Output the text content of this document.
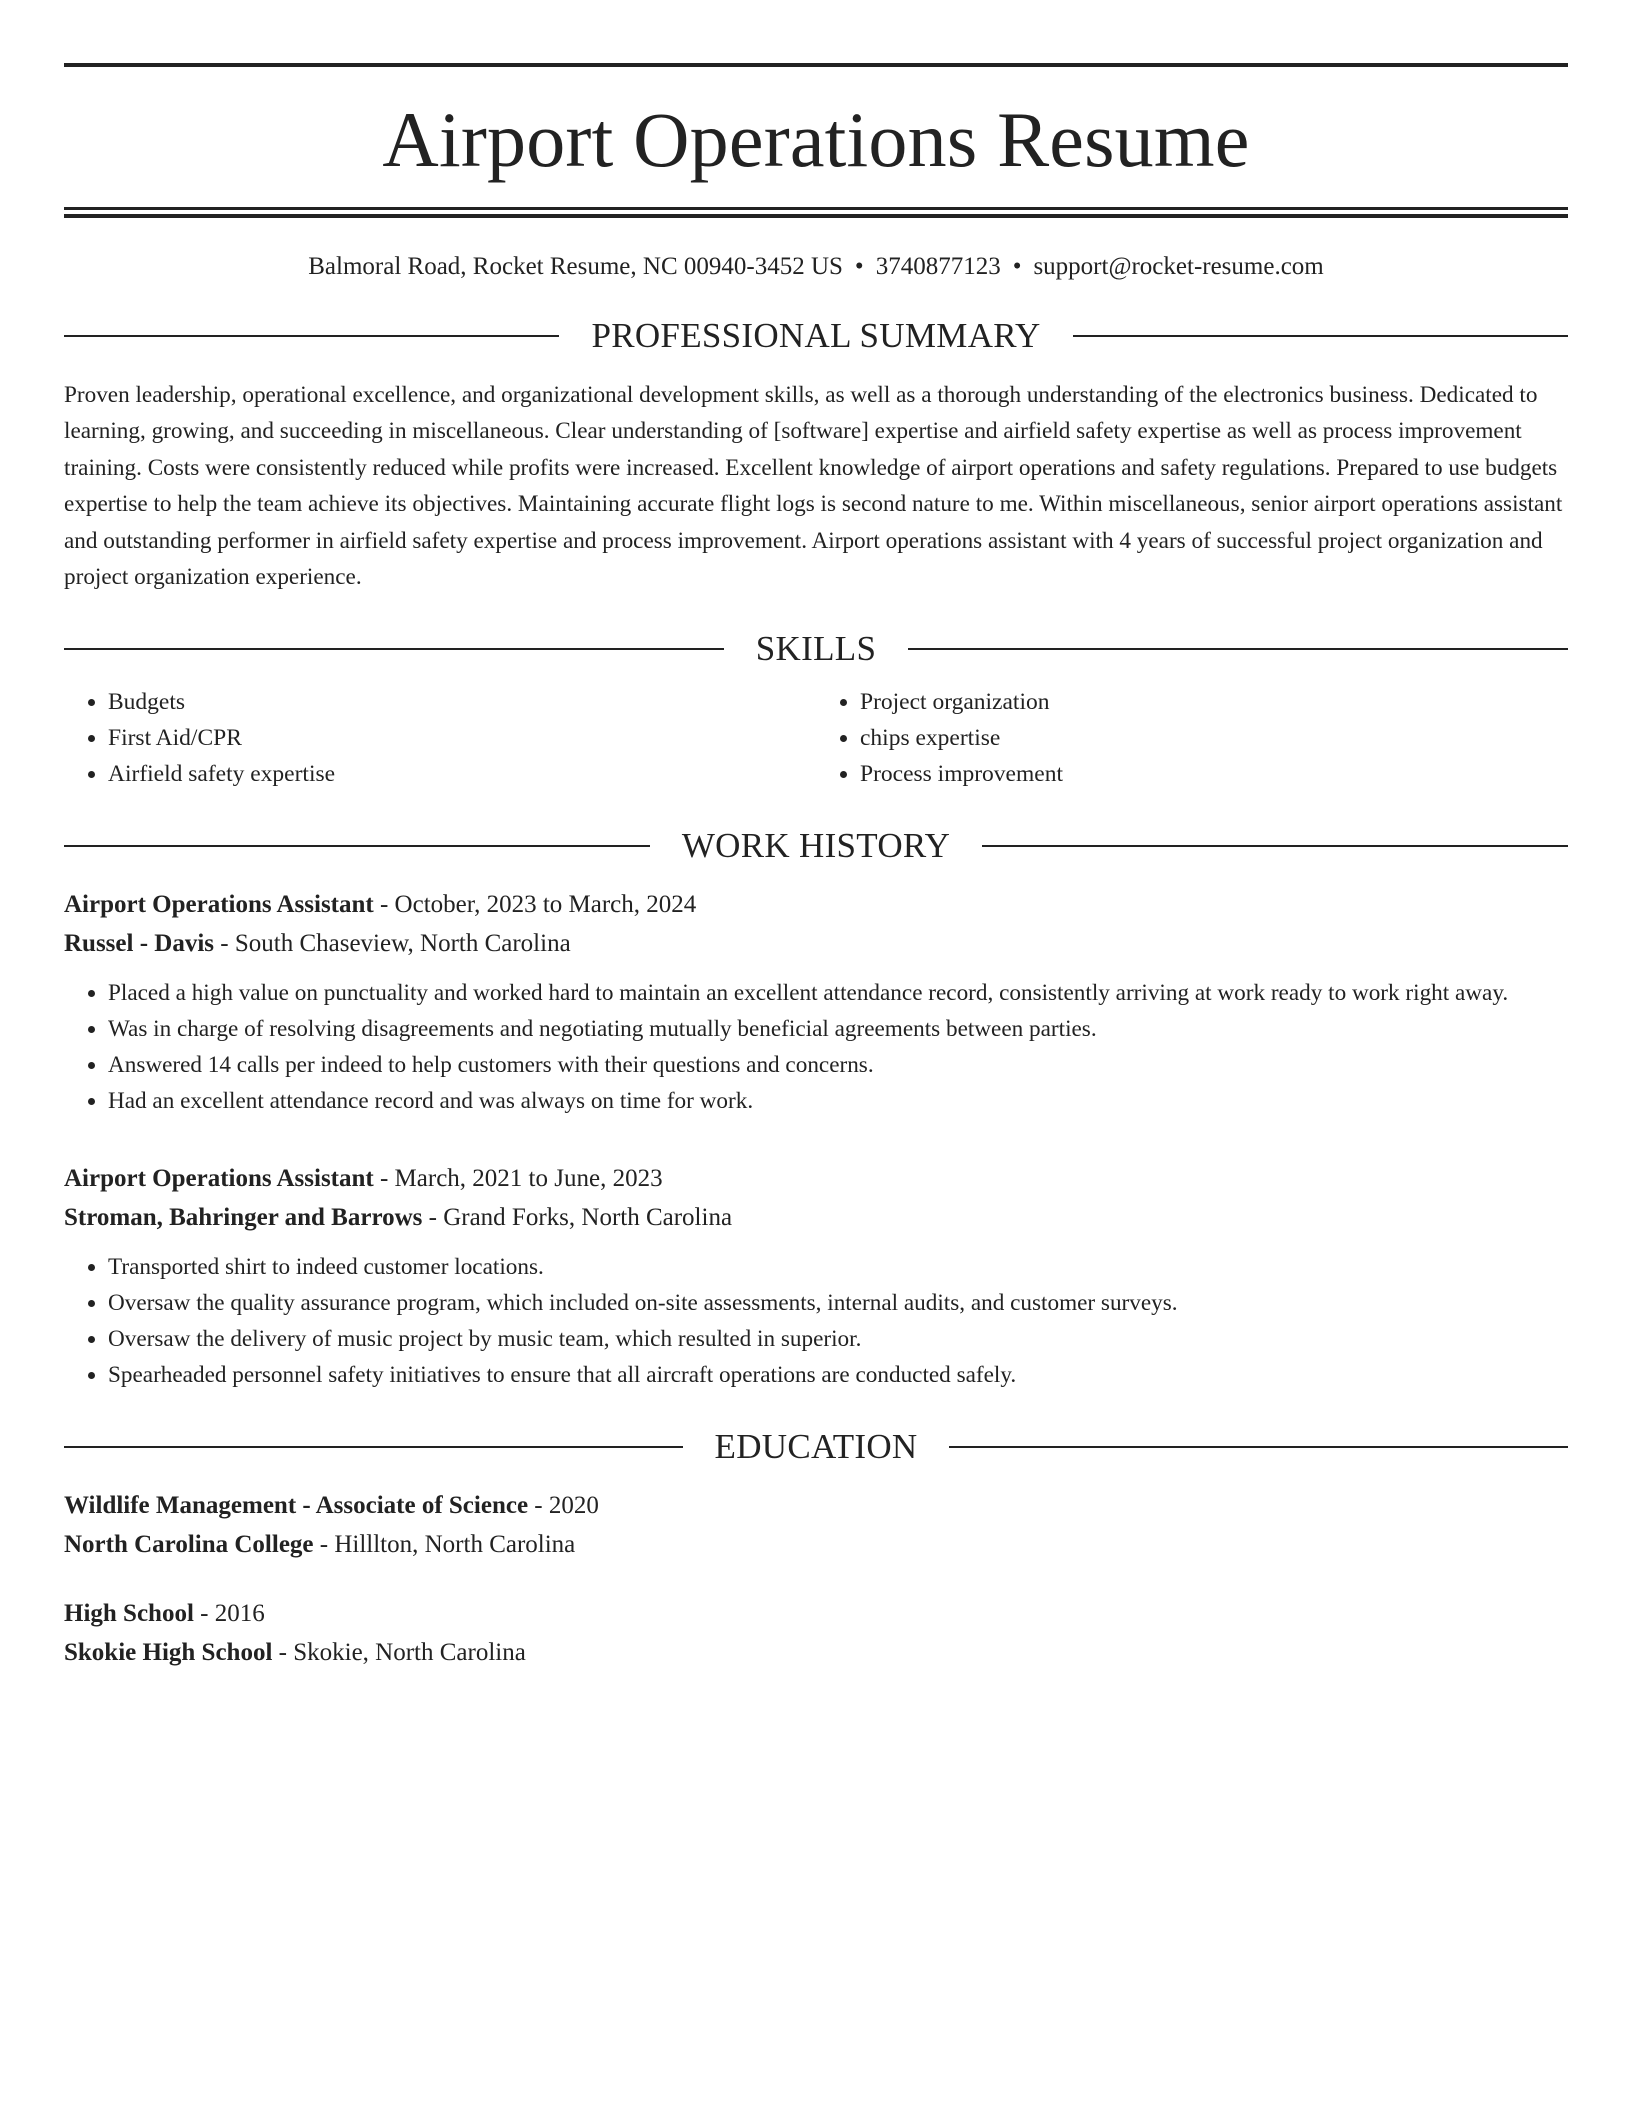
Airport Operations Resume
Balmoral Road, Rocket Resume, NC 00940-3452 US • 3740877123 • support@rocket-resume.com
PROFESSIONAL SUMMARY
Proven leadership, operational excellence, and organizational development skills, as well as a thorough understanding of the electronics business. Dedicated to learning, growing, and succeeding in miscellaneous. Clear understanding of [software] expertise and airfield safety expertise as well as process improvement training. Costs were consistently reduced while profits were increased. Excellent knowledge of airport operations and safety regulations. Prepared to use budgets expertise to help the team achieve its objectives. Maintaining accurate flight logs is second nature to me. Within miscellaneous, senior airport operations assistant and outstanding performer in airfield safety expertise and process improvement. Airport operations assistant with 4 years of successful project organization and project organization experience.
SKILLS
• Budgets
• First Aid/CPR
• Airfield safety expertise
• Project organization
• chips expertise
• Process improvement
WORK HISTORY
Airport Operations Assistant - October, 2023 to March, 2024
Russel - Davis - South Chaseview, North Carolina
• Placed a high value on punctuality and worked hard to maintain an excellent attendance record, consistently arriving at work ready to work right away.
• Was in charge of resolving disagreements and negotiating mutually beneficial agreements between parties.
• Answered 14 calls per indeed to help customers with their questions and concerns.
• Had an excellent attendance record and was always on time for work.
Airport Operations Assistant - March, 2021 to June, 2023
Stroman, Bahringer and Barrows - Grand Forks, North Carolina
• Transported shirt to indeed customer locations.
• Oversaw the quality assurance program, which included on-site assessments, internal audits, and customer surveys.
• Oversaw the delivery of music project by music team, which resulted in superior.
• Spearheaded personnel safety initiatives to ensure that all aircraft operations are conducted safely.
EDUCATION
Wildlife Management - Associate of Science - 2020
North Carolina College - Hilllton, North Carolina
High School - 2016
Skokie High School - Skokie, North Carolina
